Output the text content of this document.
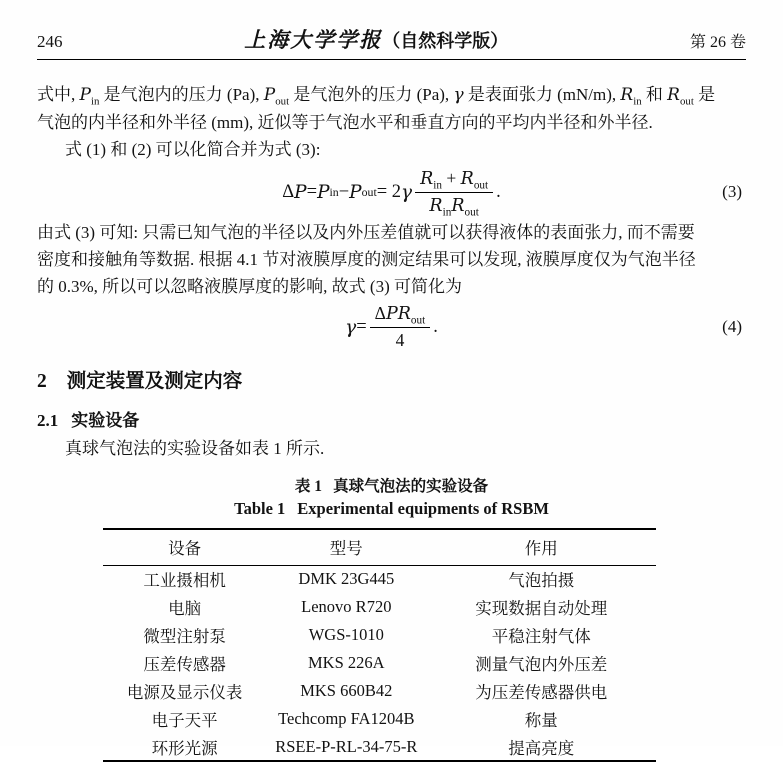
246	上海大学学报（自然科学版）	第 26 卷

式中, $P_{in}$ 是气泡内的压力 (Pa), $P_{out}$ 是气泡外的压力 (Pa), γ 是表面张力 (mN/m), $R_{in}$ 和 $R_{out}$ 是

气泡的内半径和外半径 (mm), 近似等于气泡水平和垂直方向的平均内半径和外半径.

式 (1) 和 (2) 可以化简合并为式 (3):

Δ P = P in − P out = 2 γ $\frac{R_{in} + R_{out}}{R_{in}R_{out}}$ .	(3)

由式 (3) 可知: 只需已知气泡的半径以及内外压差值就可以获得液体的表面张力, 而不需要

密度和接触角等数据. 根据 4.1 节对液膜厚度的测定结果可以发现, 液膜厚度仅为气泡半径

的 0.3%, 所以可以忽略液膜厚度的影响, 故式 (3) 可简化为

$\gamma = \frac{\Delta PR_{out}}{4}$ .	(4)
2 测定装置及测定内容
2.1 实验设备

真球气泡法的实验设备如表 1 所示.

表 1 真球气泡法的实验设备
Table 1 Experimental equipments of RSBM
设备	型号	作用
工业摄相机	DMK 23G445	气泡拍摄
电脑	Lenovo R720	实现数据自动处理
微型注射泵	WGS-1010	平稳注射气体
压差传感器	MKS 226A	测量气泡内外压差
电源及显示仪表	MKS 660B42	为压差传感器供电
电子天平	Techcomp FA1204B	称量
环形光源	RSEE-P-RL-34-75-R	提高亮度
